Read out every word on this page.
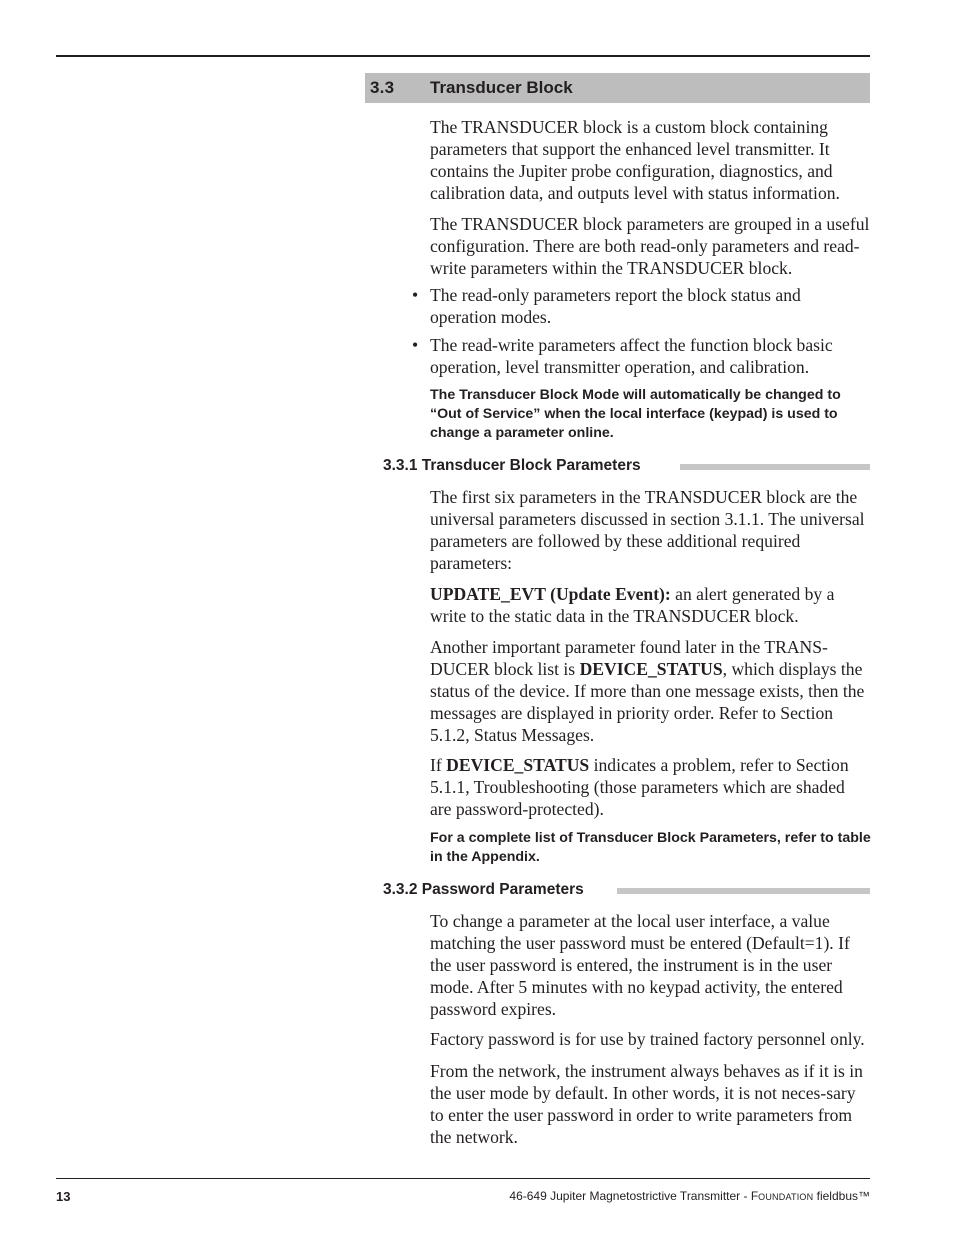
3.3 Transducer Block

The TRANSDUCER block is a custom block containing parameters that support the enhanced level transmitter. It contains the Jupiter probe configuration, diagnostics, and calibration data, and outputs level with status information.

The TRANSDUCER block parameters are grouped in a useful configuration. There are both read-only parameters and read-write parameters within the TRANSDUCER block.

• The read-only parameters report the block status and operation modes.

• The read-write parameters affect the function block basic operation, level transmitter operation, and calibration.

The Transducer Block Mode will automatically be changed to “Out of Service” when the local interface (keypad) is used to change a parameter online.

3.3.1 Transducer Block Parameters

The first six parameters in the TRANSDUCER block are the universal parameters discussed in section 3.1.1. The universal parameters are followed by these additional required parameters:

UPDATE_EVT (Update Event): an alert generated by a write to the static data in the TRANSDUCER block.

Another important parameter found later in the TRANS-DUCER block list is DEVICE_STATUS, which displays the status of the device. If more than one message exists, then the messages are displayed in priority order. Refer to Section 5.1.2, Status Messages.

If DEVICE_STATUS indicates a problem, refer to Section 5.1.1, Troubleshooting (those parameters which are shaded are password-protected).

For a complete list of Transducer Block Parameters, refer to table in the Appendix.

3.3.2 Password Parameters

To change a parameter at the local user interface, a value matching the user password must be entered (Default=1). If the user password is entered, the instrument is in the user mode. After 5 minutes with no keypad activity, the entered password expires.

Factory password is for use by trained factory personnel only.

From the network, the instrument always behaves as if it is in the user mode by default. In other words, it is not neces-sary to enter the user password in order to write parameters from the network.

13	46-649 Jupiter Magnetostrictive Transmitter - FOUNDATION fieldbus™
